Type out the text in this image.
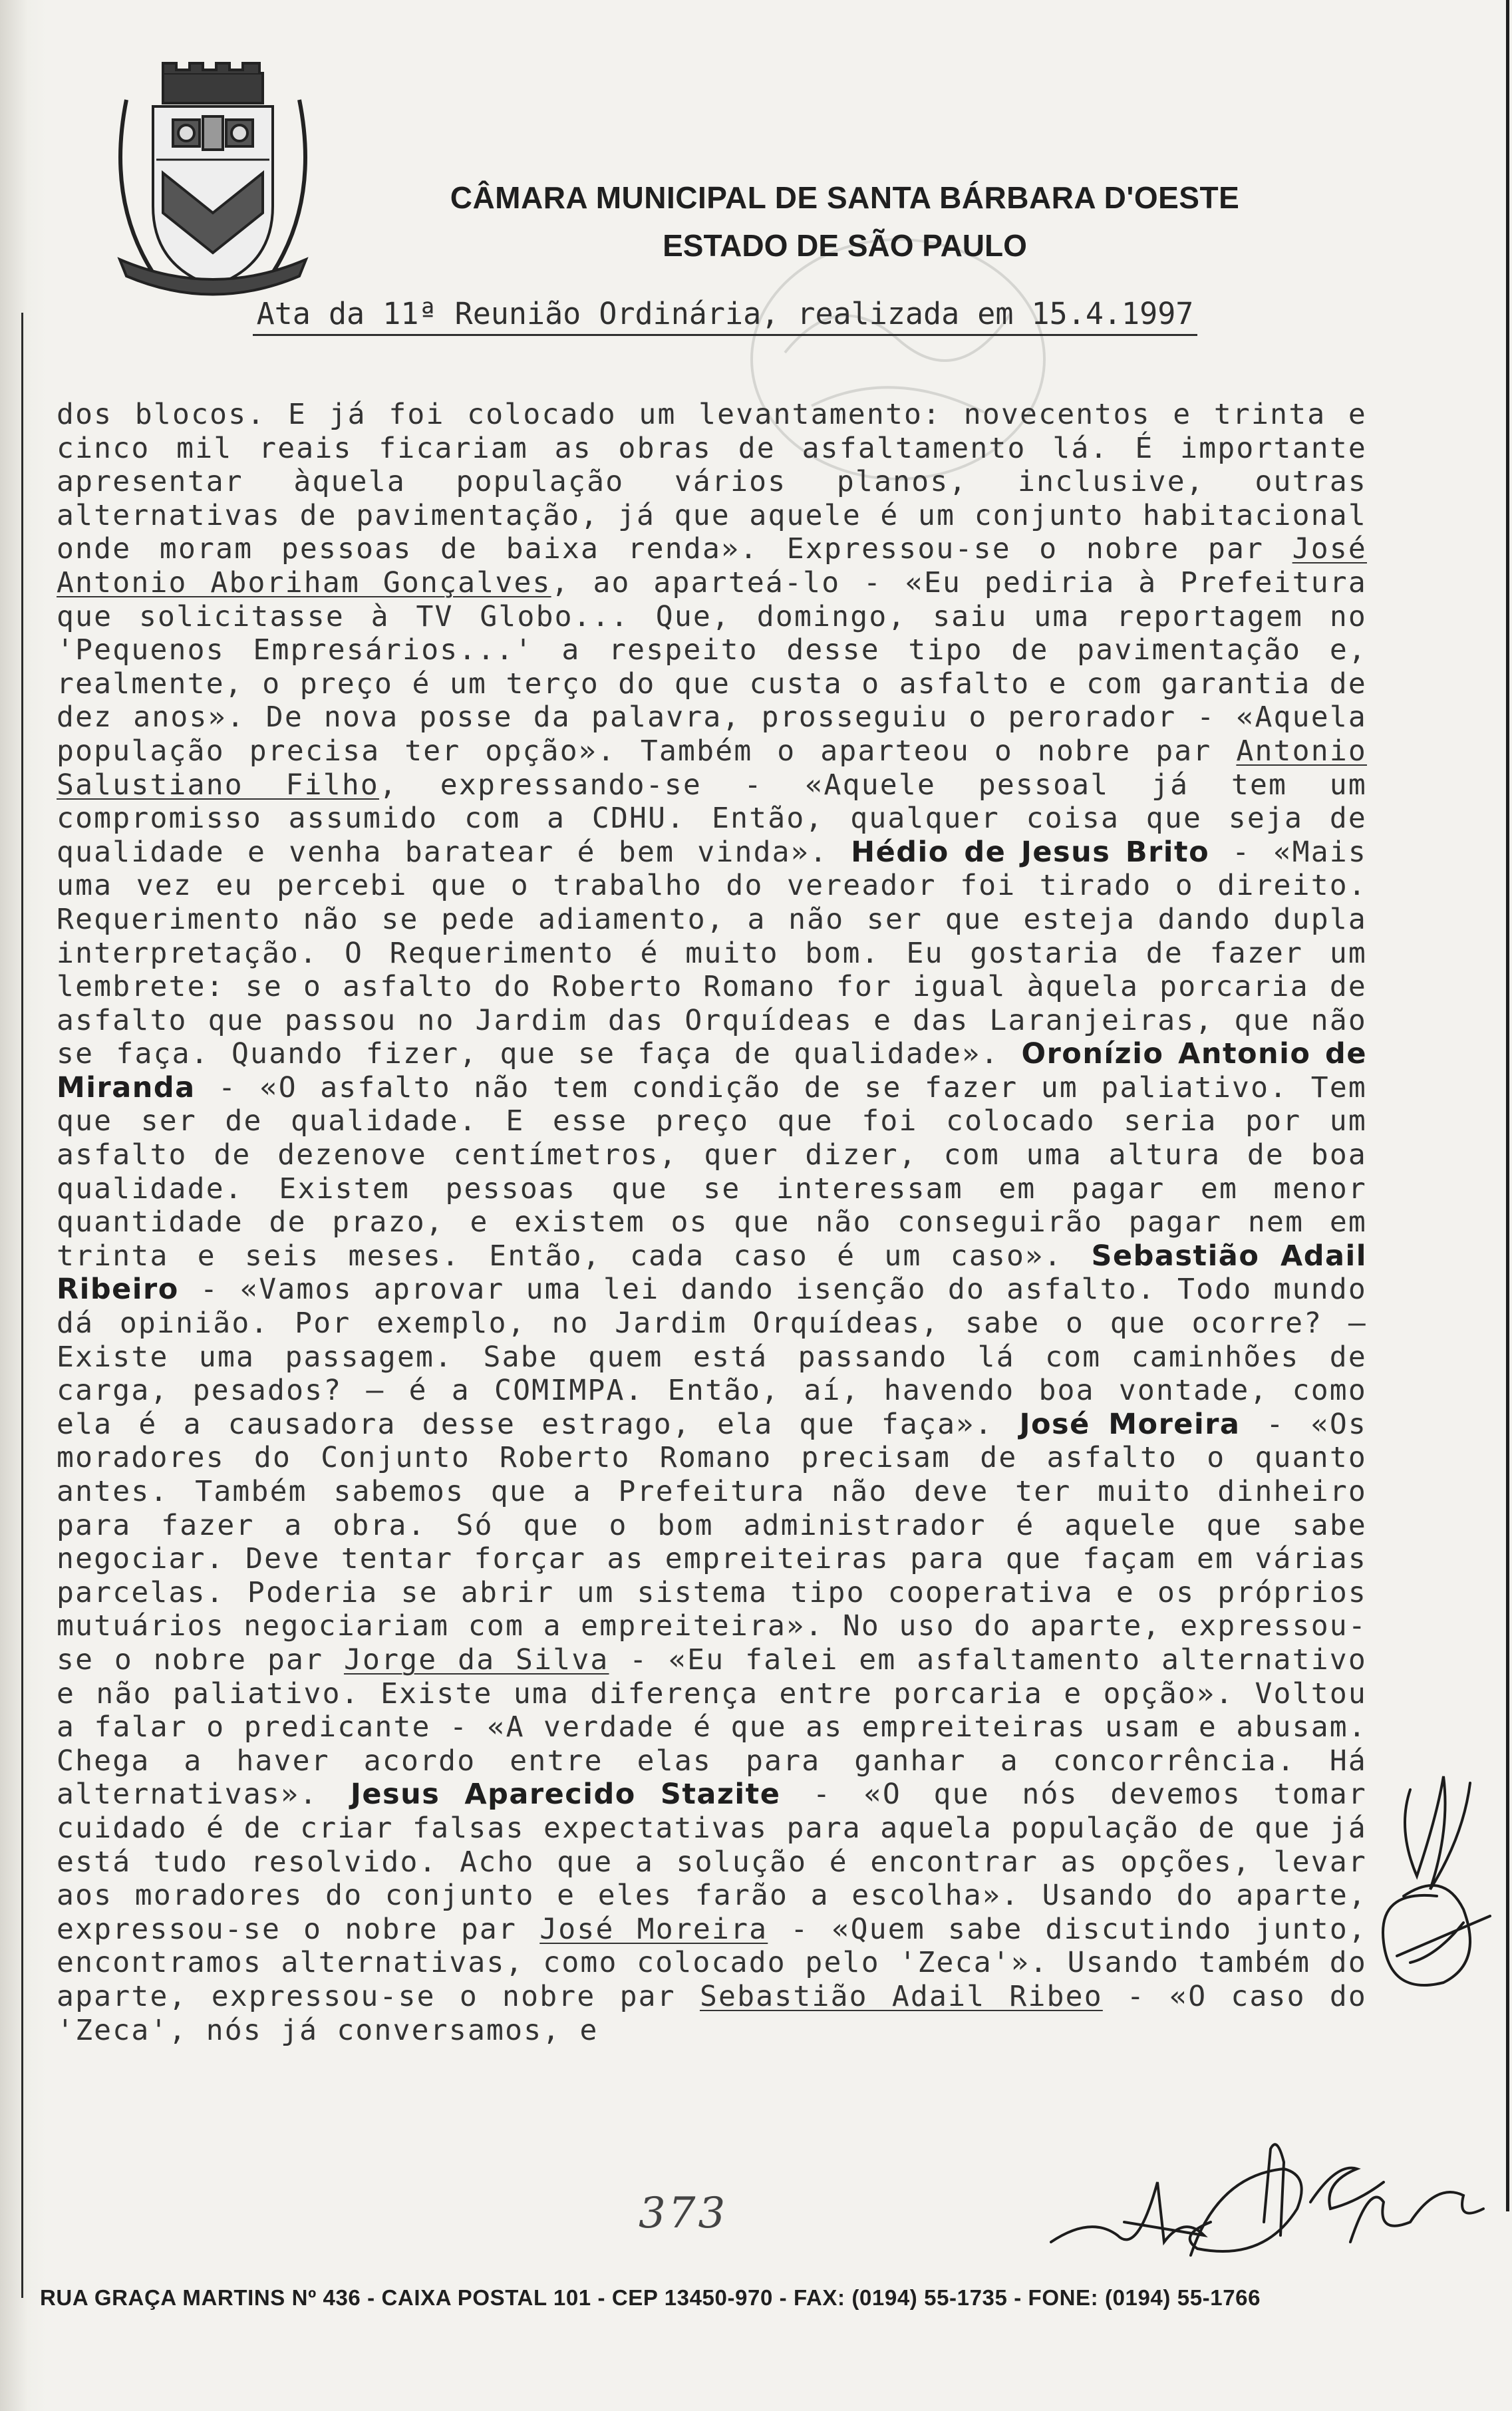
CÂMARA MUNICIPAL DE SANTA BÁRBARA D'OESTE
ESTADO DE SÃO PAULO
Ata da 11ª Reunião Ordinária, realizada em 15.4.1997
dos blocos. E já foi colocado um levantamento: novecentos e trinta e cinco mil reais ficariam as obras de asfaltamento lá. É importante apresentar àquela população vários planos, inclusive, outras alternativas de pavimentação, já que aquele é um conjunto habitacional onde moram pessoas de baixa renda». Expressou-se o nobre par José Antonio Aboriham Gonçalves, ao aparteá-lo - «Eu pediria à Prefeitura que solicitasse à TV Globo... Que, domingo, saiu uma reportagem no 'Pequenos Empresários...' a respeito desse tipo de pavimentação e, realmente, o preço é um terço do que custa o asfalto e com garantia de dez anos». De nova posse da palavra, prosseguiu o perorador - «Aquela população precisa ter opção». Também o aparteou o nobre par Antonio Salustiano Filho, expressando-se - «Aquele pessoal já tem um compromisso assumido com a CDHU. Então, qualquer coisa que seja de qualidade e venha baratear é bem vinda». Hédio de Jesus Brito - «Mais uma vez eu percebi que o trabalho do vereador foi tirado o direito. Requerimento não se pede adiamento, a não ser que esteja dando dupla interpretação. O Requerimento é muito bom. Eu gostaria de fazer um lembrete: se o asfalto do Roberto Romano for igual àquela porcaria de asfalto que passou no Jardim das Orquídeas e das Laranjeiras, que não se faça. Quando fizer, que se faça de qualidade». Oronízio Antonio de Miranda - «O asfalto não tem condição de se fazer um paliativo. Tem que ser de qualidade. E esse preço que foi colocado seria por um asfalto de dezenove centímetros, quer dizer, com uma altura de boa qualidade. Existem pessoas que se interessam em pagar em menor quantidade de prazo, e existem os que não conseguirão pagar nem em trinta e seis meses. Então, cada caso é um caso». Sebastião Adail Ribeiro - «Vamos aprovar uma lei dando isenção do asfalto. Todo mundo dá opinião. Por exemplo, no Jardim Orquídeas, sabe o que ocorre? — Existe uma passagem. Sabe quem está passando lá com caminhões de carga, pesados? — é a COMIMPA. Então, aí, havendo boa vontade, como ela é a causadora desse estrago, ela que faça». José Moreira - «Os moradores do Conjunto Roberto Romano precisam de asfalto o quanto antes. Também sabemos que a Prefeitura não deve ter muito dinheiro para fazer a obra. Só que o bom administrador é aquele que sabe negociar. Deve tentar forçar as empreiteiras para que façam em várias parcelas. Poderia se abrir um sistema tipo cooperativa e os próprios mutuários negociariam com a empreiteira». No uso do aparte, expressou-se o nobre par Jorge da Silva - «Eu falei em asfaltamento alternativo e não paliativo. Existe uma diferença entre porcaria e opção». Voltou a falar o predicante - «A verdade é que as empreiteiras usam e abusam. Chega a haver acordo entre elas para ganhar a concorrência. Há alternativas». Jesus Aparecido Stazite - «O que nós devemos tomar cuidado é de criar falsas expectativas para aquela população de que já está tudo resolvido. Acho que a solução é encontrar as opções, levar aos moradores do conjunto e eles farão a escolha». Usando do aparte, expressou-se o nobre par José Moreira - «Quem sabe discutindo junto, encontramos alternativas, como colocado pelo 'Zeca'». Usando também do aparte, expressou-se o nobre par Sebastião Adail Ribeo - «O caso do 'Zeca', nós já conversamos, e
373
RUA GRAÇA MARTINS Nº 436 - CAIXA POSTAL 101 - CEP 13450-970 - FAX: (0194) 55-1735 - FONE: (0194) 55-1766
